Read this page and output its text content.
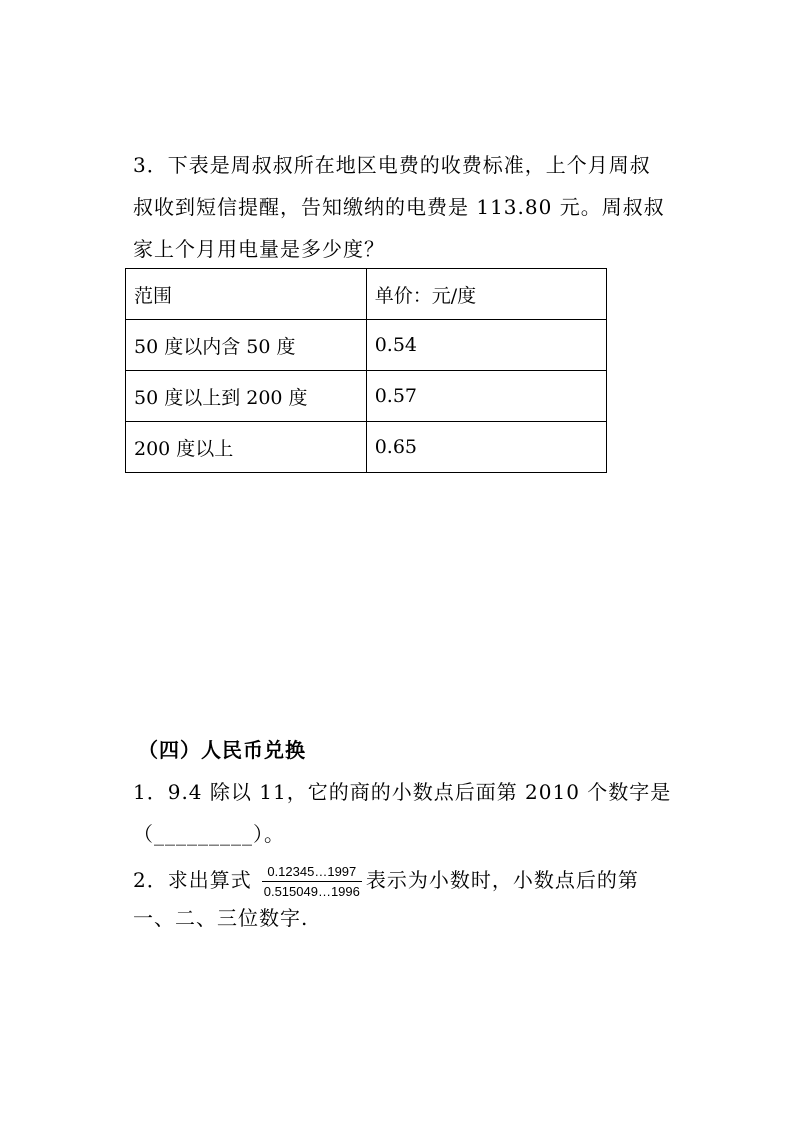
3．下表是周叔叔所在地区电费的收费标准，上个月周叔
叔收到短信提醒，告知缴纳的电费是 113.80 元。周叔叔
家上个月用电量是多少度？
范围	单价：元/度
50 度以内含 50 度	0.54
50 度以上到 200 度	0.57
200 度以上	0.65
（四）人民币兑换
1．9.4 除以 11，它的商的小数点后面第 2010 个数字是
（_________）。
2．求出算式 $\frac{0.12345\dots 1997}{0.515049\dots 1996}$ 表示为小数时，小数点后的第
一、二、三位数字.
